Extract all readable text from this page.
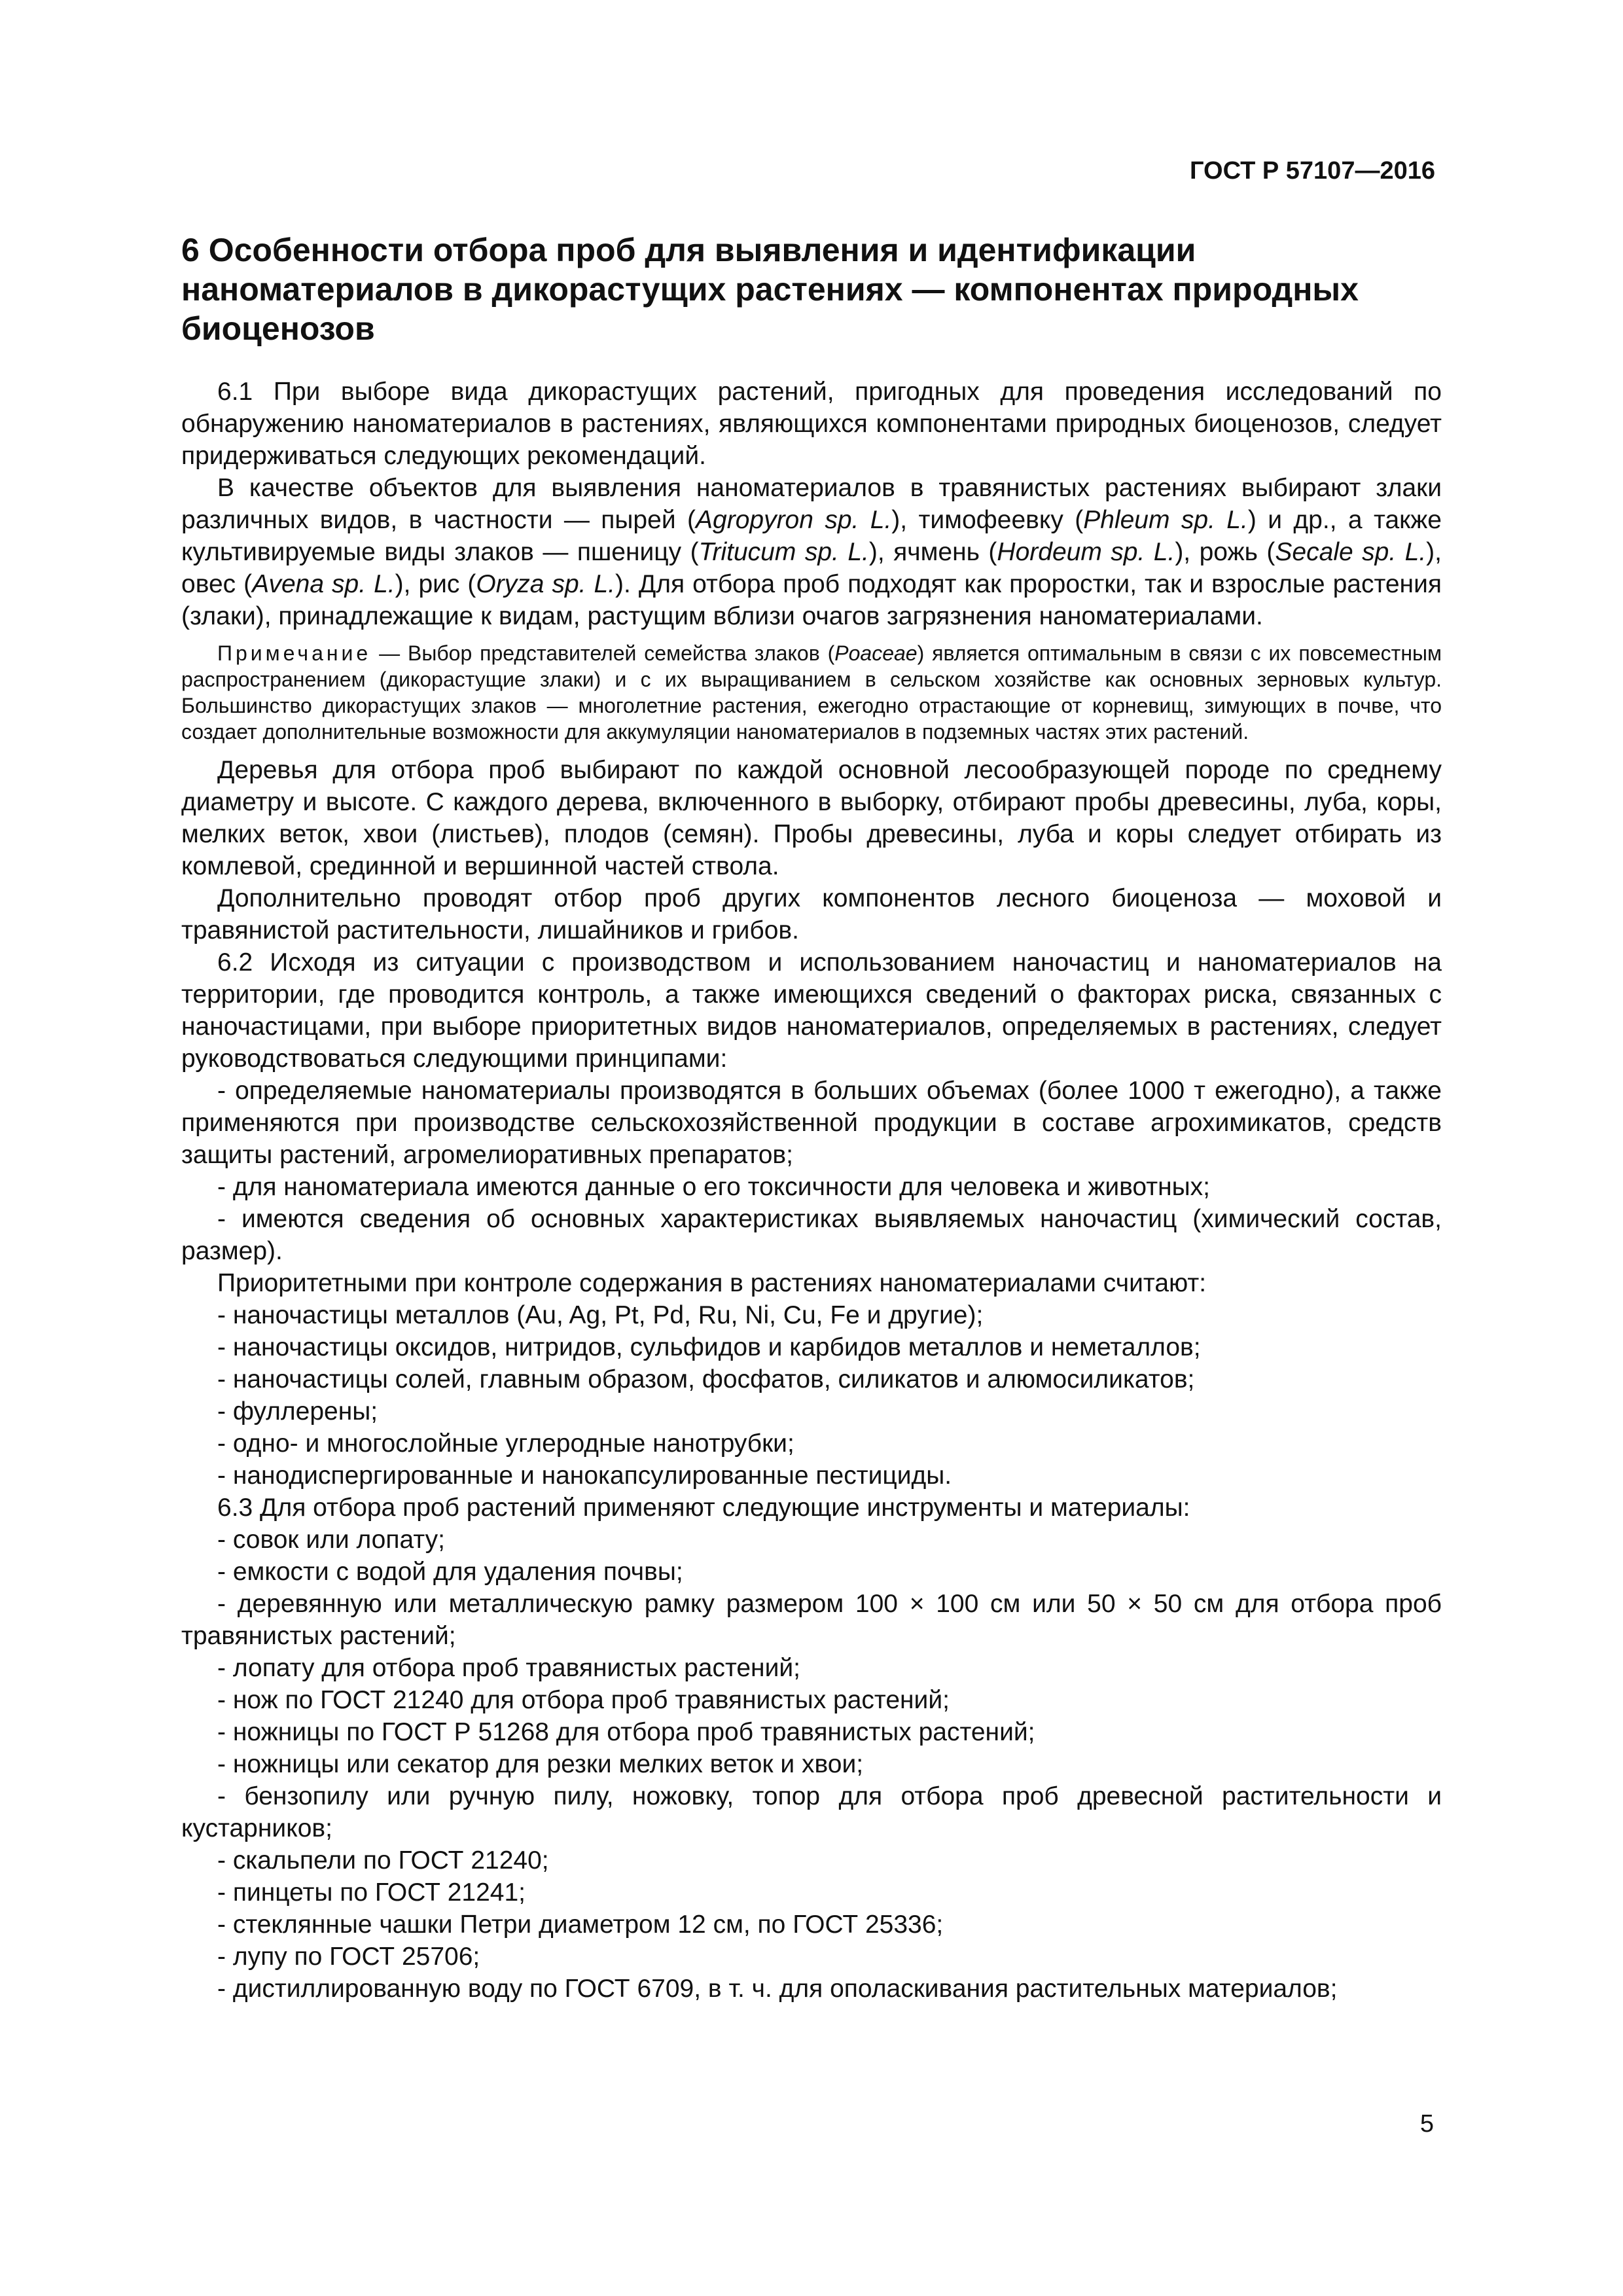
ГОСТ Р 57107—2016

6 Особенности отбора проб для выявления и идентификации наноматериалов в дикорастущих растениях — компонентах природных биоценозов

6.1 При выборе вида дикорастущих растений, пригодных для проведения исследований по обнаружению наноматериалов в растениях, являющихся компонентами природных биоценозов, следует придерживаться следующих рекомендаций.

В качестве объектов для выявления наноматериалов в травянистых растениях выбирают злаки различных видов, в частности — пырей (Agropyron sp. L.), тимофеевку (Phleum sp. L.) и др., а также культивируемые виды злаков — пшеницу (Tritucum sp. L.), ячмень (Hordeum sp. L.), рожь (Secale sp. L.), овес (Avena sp. L.), рис (Oryza sp. L.). Для отбора проб подходят как проростки, так и взрослые растения (злаки), принадлежащие к видам, растущим вблизи очагов загрязнения наноматериалами.

Примечание — Выбор представителей семейства злаков (Poaceae) является оптимальным в связи с их повсеместным распространением (дикорастущие злаки) и с их выращиванием в сельском хозяйстве как основных зерновых культур. Большинство дикорастущих злаков — многолетние растения, ежегодно отрастающие от корневищ, зимующих в почве, что создает дополнительные возможности для аккумуляции наноматериалов в подземных частях этих растений.

Деревья для отбора проб выбирают по каждой основной лесообразующей породе по среднему диаметру и высоте. С каждого дерева, включенного в выборку, отбирают пробы древесины, луба, коры, мелких веток, хвои (листьев), плодов (семян). Пробы древесины, луба и коры следует отбирать из комлевой, срединной и вершинной частей ствола.

Дополнительно проводят отбор проб других компонентов лесного биоценоза — моховой и травянистой растительности, лишайников и грибов.

6.2 Исходя из ситуации с производством и использованием наночастиц и наноматериалов на территории, где проводится контроль, а также имеющихся сведений о факторах риска, связанных с наночастицами, при выборе приоритетных видов наноматериалов, определяемых в растениях, следует руководствоваться следующими принципами:

- определяемые наноматериалы производятся в больших объемах (более 1000 т ежегодно), а также применяются при производстве сельскохозяйственной продукции в составе агрохимикатов, средств защиты растений, агромелиоративных препаратов;
- для наноматериала имеются данные о его токсичности для человека и животных;
- имеются сведения об основных характеристиках выявляемых наночастиц (химический состав, размер).

Приоритетными при контроле содержания в растениях наноматериалами считают:

- наночастицы металлов (Au, Ag, Pt, Pd, Ru, Ni, Cu, Fe и другие);
- наночастицы оксидов, нитридов, сульфидов и карбидов металлов и неметаллов;
- наночастицы солей, главным образом, фосфатов, силикатов и алюмосиликатов;
- фуллерены;
- одно- и многослойные углеродные нанотрубки;
- нанодиспергированные и нанокапсулированные пестициды.

6.3 Для отбора проб растений применяют следующие инструменты и материалы:

- совок или лопату;
- емкости с водой для удаления почвы;
- деревянную или металлическую рамку размером 100 × 100 см или 50 × 50 см для отбора проб травянистых растений;
- лопату для отбора проб травянистых растений;
- нож по ГОСТ 21240 для отбора проб травянистых растений;
- ножницы по ГОСТ Р 51268 для отбора проб травянистых растений;
- ножницы или секатор для резки мелких веток и хвои;
- бензопилу или ручную пилу, ножовку, топор для отбора проб древесной растительности и кустарников;
- скальпели по ГОСТ 21240;
- пинцеты по ГОСТ 21241;
- стеклянные чашки Петри диаметром 12 см, по ГОСТ 25336;
- лупу по ГОСТ 25706;
- дистиллированную воду по ГОСТ 6709, в т. ч. для ополаскивания растительных материалов;

5
